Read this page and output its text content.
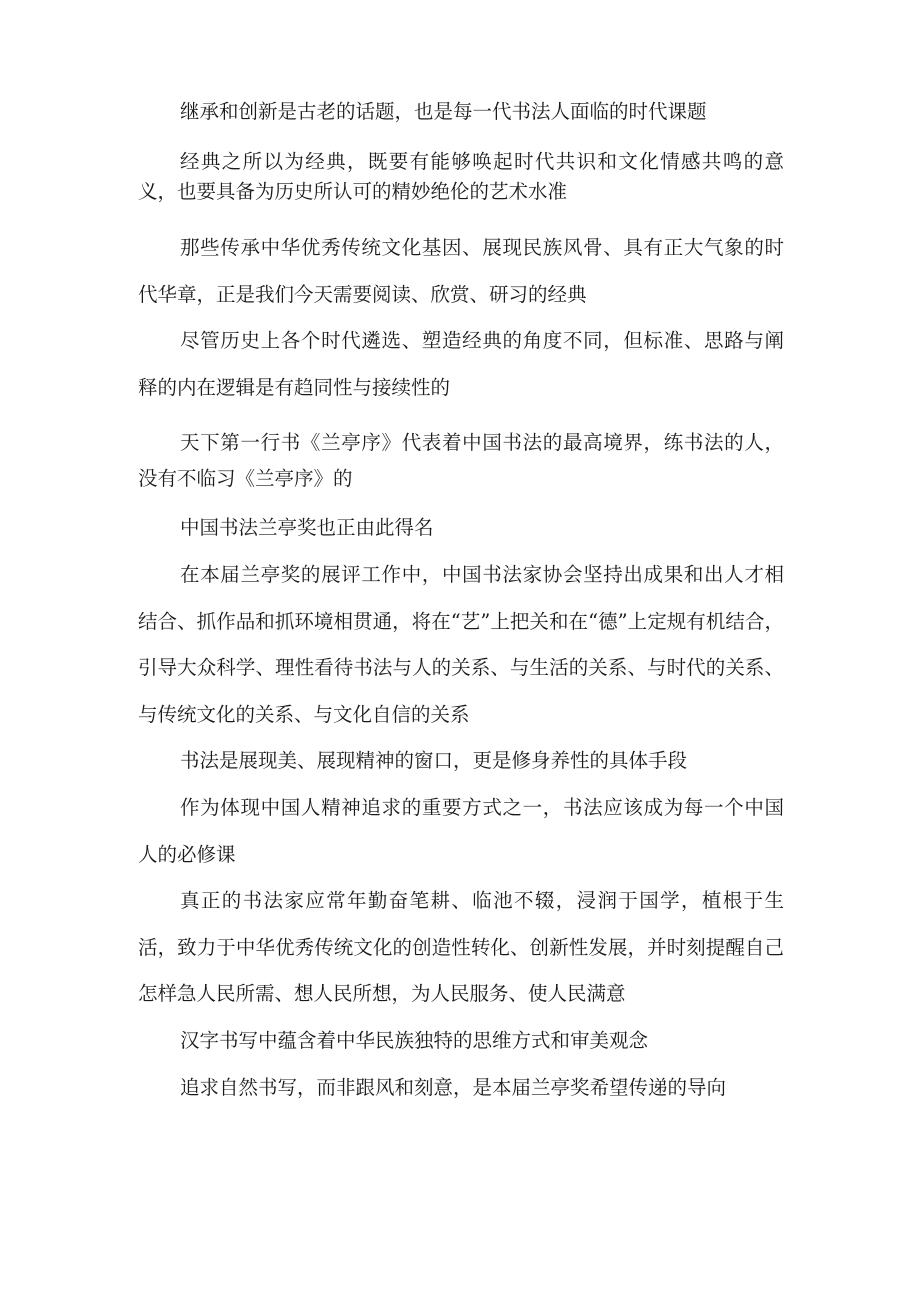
继承和创新是古老的话题，也是每一代书法人面临的时代课题

经典之所以为经典，既要有能够唤起时代共识和文化情感共鸣的意义，也要具备为历史所认可的精妙绝伦的艺术水准

那些传承中华优秀传统文化基因、展现民族风骨、具有正大气象的时代华章，正是我们今天需要阅读、欣赏、研习的经典

尽管历史上各个时代遴选、塑造经典的角度不同，但标准、思路与阐释的内在逻辑是有趋同性与接续性的

天下第一行书《兰亭序》代表着中国书法的最高境界，练书法的人，没有不临习《兰亭序》的

中国书法兰亭奖也正由此得名

在本届兰亭奖的展评工作中，中国书法家协会坚持出成果和出人才相结合、抓作品和抓环境相贯通，将在“艺”上把关和在“德”上定规有机结合，引导大众科学、理性看待书法与人的关系、与生活的关系、与时代的关系、与传统文化的关系、与文化自信的关系

书法是展现美、展现精神的窗口，更是修身养性的具体手段

作为体现中国人精神追求的重要方式之一，书法应该成为每一个中国人的必修课

真正的书法家应常年勤奋笔耕、临池不辍，浸润于国学，植根于生活，致力于中华优秀传统文化的创造性转化、创新性发展，并时刻提醒自己怎样急人民所需、想人民所想，为人民服务、使人民满意

汉字书写中蕴含着中华民族独特的思维方式和审美观念

追求自然书写，而非跟风和刻意，是本届兰亭奖希望传递的导向
